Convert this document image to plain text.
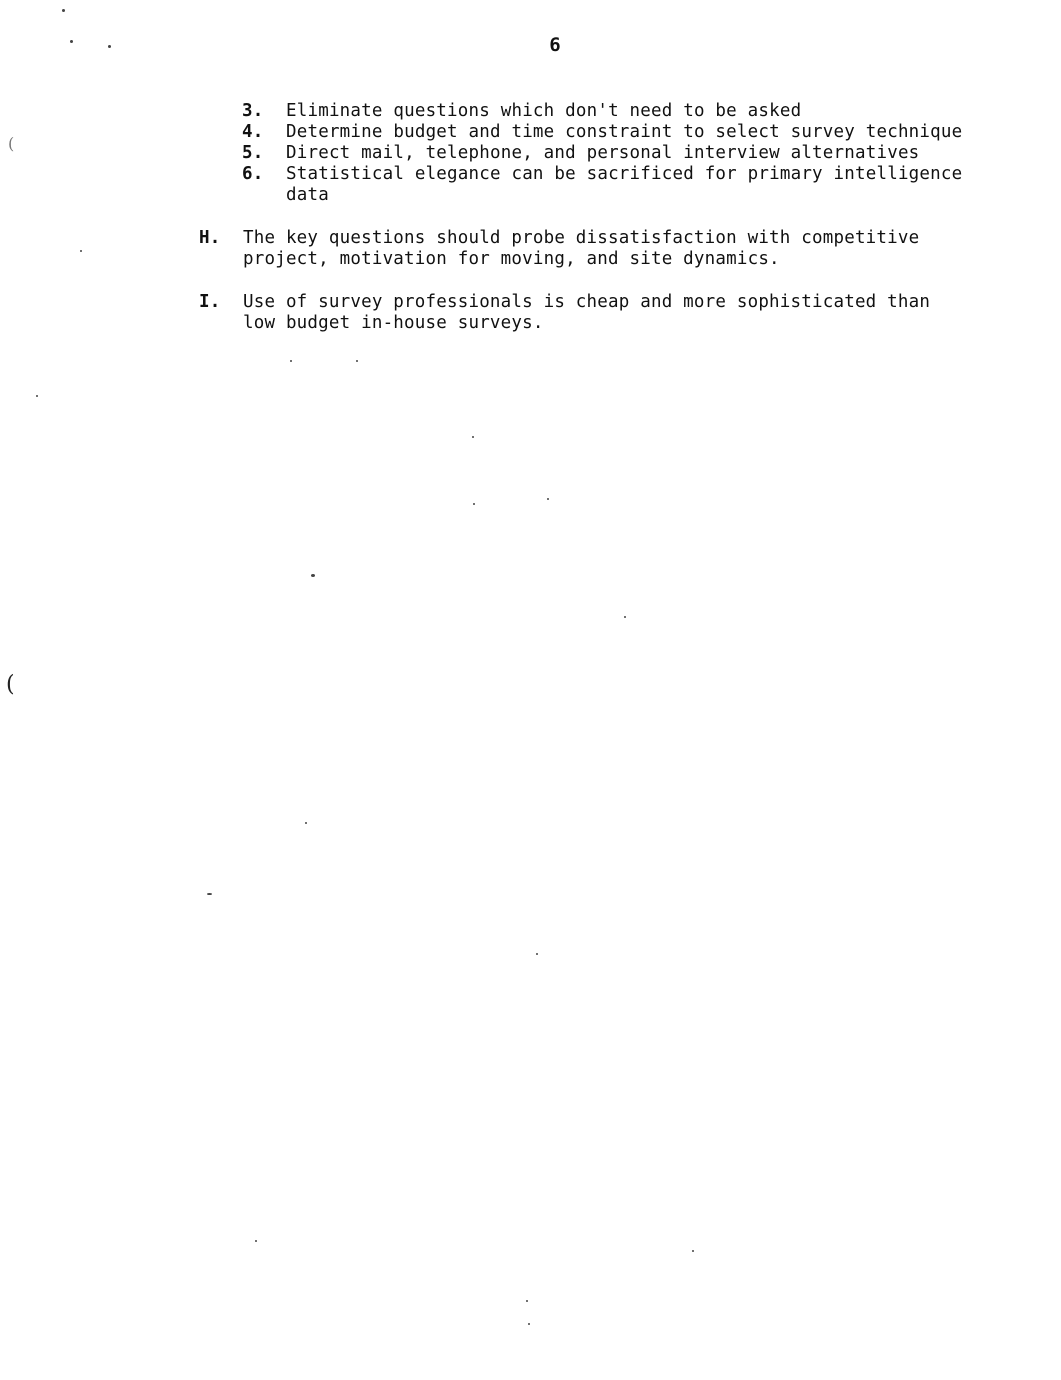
6
3. Eliminate questions which don't need to be asked
4. Determine budget and time constraint to select survey technique
5. Direct mail, telephone, and personal interview alternatives
6. Statistical elegance can be sacrificed for primary intelligence
data
H. The key questions should probe dissatisfaction with competitive
project, motivation for moving, and site dynamics.
I. Use of survey professionals is cheap and more sophisticated than
low budget in-house surveys.
(
(
